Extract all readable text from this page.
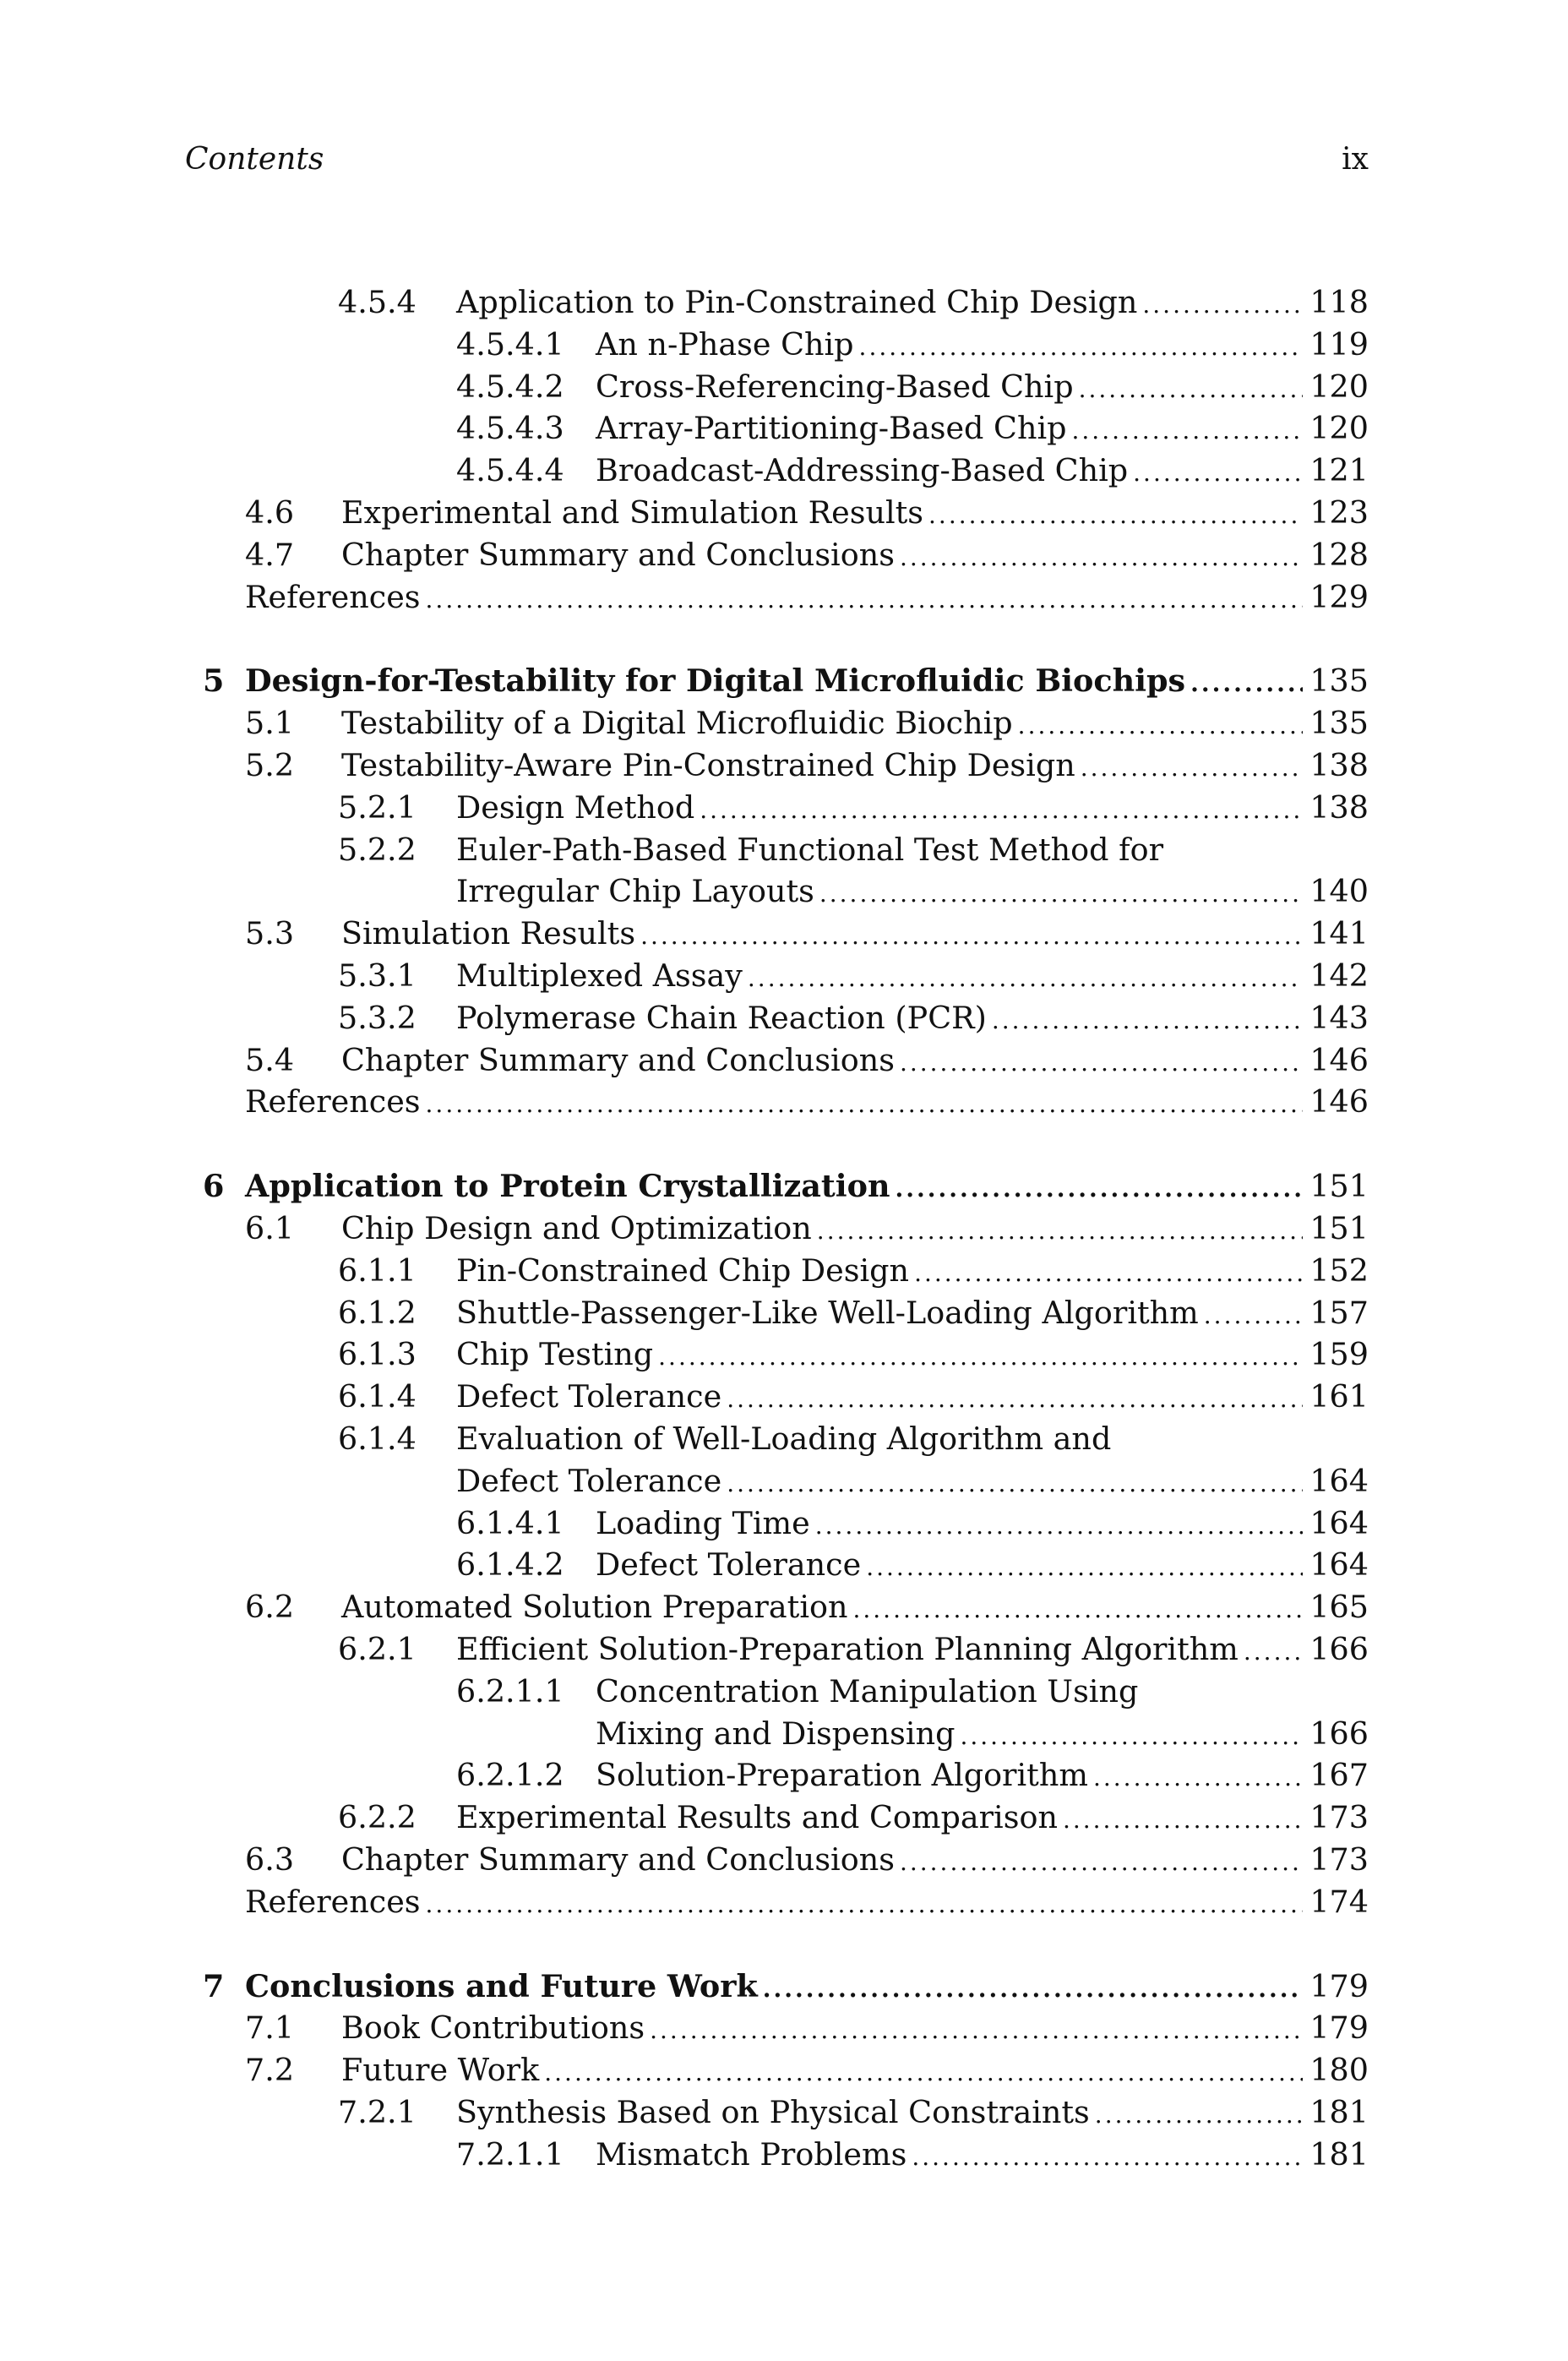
Contents	ix
4.5.4 Application to Pin-Constrained Chip Design .....	118
4.5.4.1 An n-Phase Chip .....	119
4.5.4.2 Cross-Referencing-Based Chip .....	120
4.5.4.3 Array-Partitioning-Based Chip .....	120
4.5.4.4 Broadcast-Addressing-Based Chip .....	121
4.6 Experimental and Simulation Results .....	123
4.7 Chapter Summary and Conclusions .....	128
References .....	129
5 Design-for-Testability for Digital Microfluidic Biochips .....	135
5.1 Testability of a Digital Microfluidic Biochip .....	135
5.2 Testability-Aware Pin-Constrained Chip Design .....	138
5.2.1 Design Method .....	138
5.2.2 Euler-Path-Based Functional Test Method for
Irregular Chip Layouts .....	140
5.3 Simulation Results .....	141
5.3.1 Multiplexed Assay .....	142
5.3.2 Polymerase Chain Reaction (PCR) .....	143
5.4 Chapter Summary and Conclusions .....	146
References .....	146
6 Application to Protein Crystallization .....	151
6.1 Chip Design and Optimization .....	151
6.1.1 Pin-Constrained Chip Design .....	152
6.1.2 Shuttle-Passenger-Like Well-Loading Algorithm .....	157
6.1.3 Chip Testing .....	159
6.1.4 Defect Tolerance .....	161
6.1.4 Evaluation of Well-Loading Algorithm and
Defect Tolerance .....	164
6.1.4.1 Loading Time .....	164
6.1.4.2 Defect Tolerance .....	164
6.2 Automated Solution Preparation .....	165
6.2.1 Efficient Solution-Preparation Planning Algorithm ..... 166
6.2.1.1 Concentration Manipulation Using
Mixing and Dispensing .....	166
6.2.1.2 Solution-Preparation Algorithm .....	167
6.2.2 Experimental Results and Comparison .....	173
6.3 Chapter Summary and Conclusions .....	173
References .....	174
7 Conclusions and Future Work .....	179
7.1 Book Contributions .....	179
7.2 Future Work .....	180
7.2.1 Synthesis Based on Physical Constraints .....	181
7.2.1.1 Mismatch Problems .....	181
